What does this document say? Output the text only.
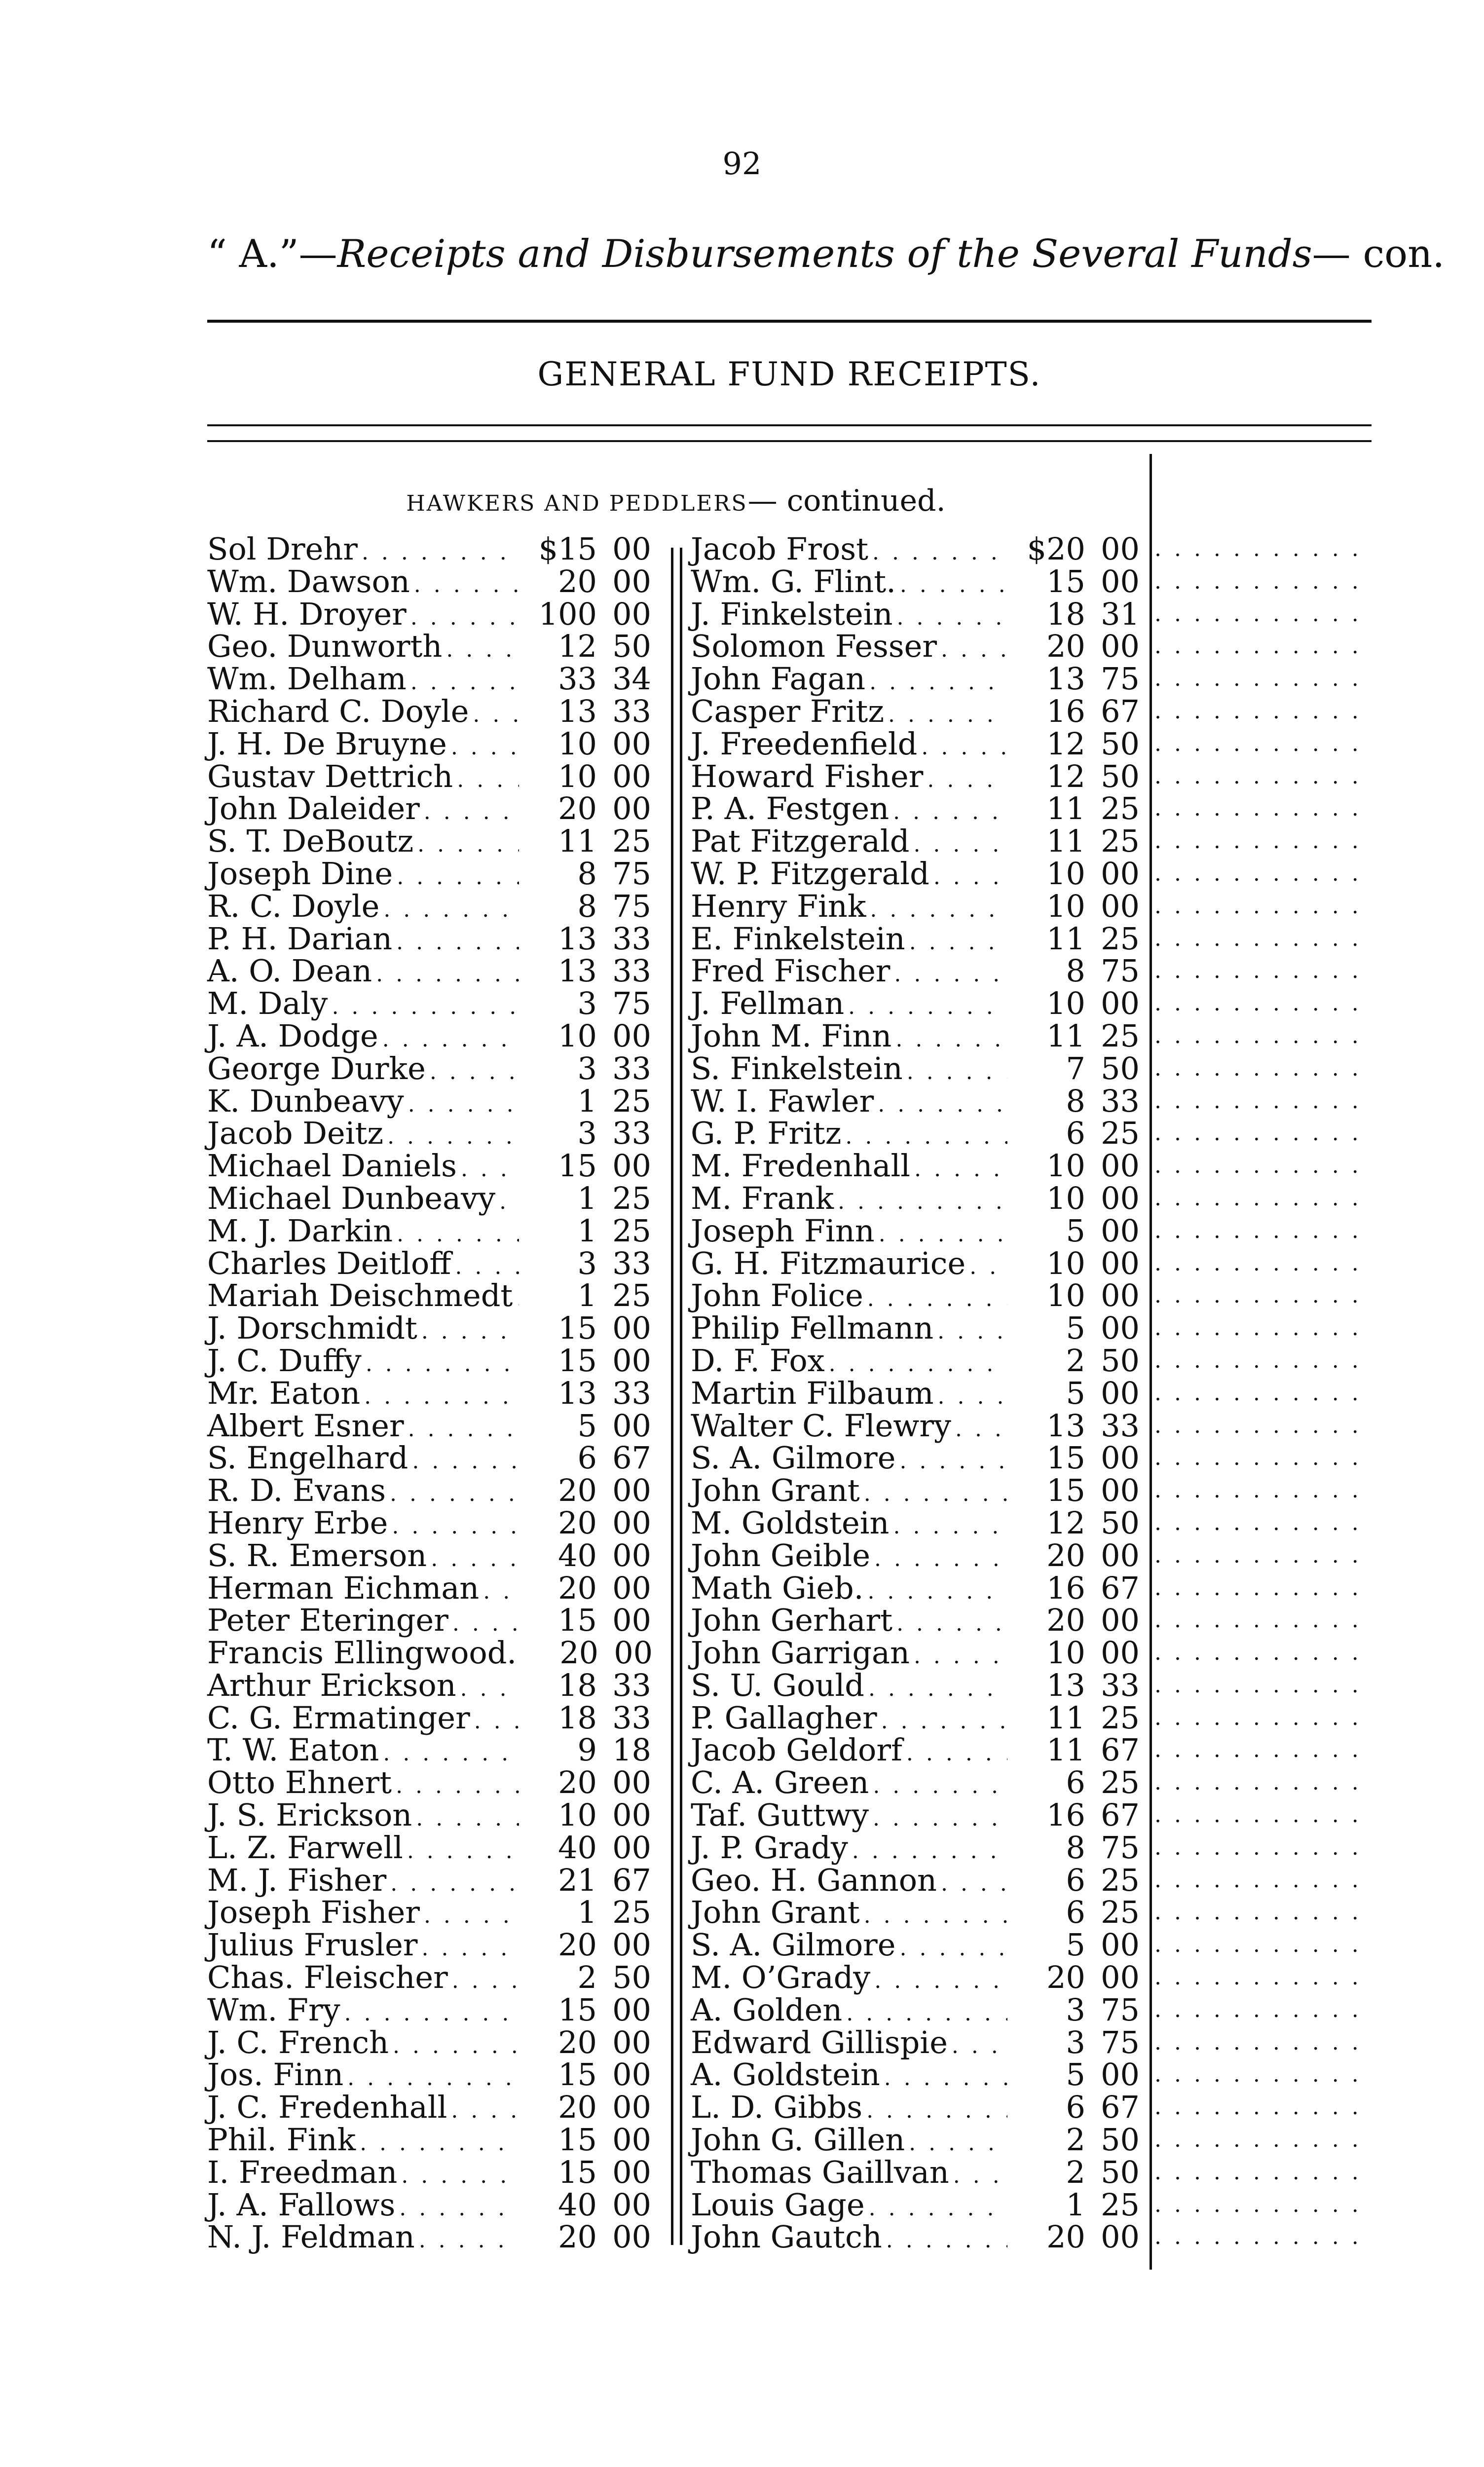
92
“ A.”—Receipts and Disbursements of the Several Funds— con.
GENERAL FUND RECEIPTS.
HAWKERS AND PEDDLERS— continued.
Sol Drehr . . .	$15 00
Wm. Dawson . . .	20 00
W. H. Droyer . . .	100 00
Geo. Dunworth . . .	12 50
Wm. Delham . . .	33 34
Richard C. Doyle . . .	13 33
J. H. De Bruyne . . .	10 00
Gustav Dettrich . . .	10 00
John Daleider . . .	20 00
S. T. DeBoutz . . .	11 25
Joseph Dine . . .	8 75
R. C. Doyle . . .	8 75
P. H. Darian . . .	13 33
A. O. Dean . . .	13 33
M. Daly . . .	3 75
J. A. Dodge . . .	10 00
George Durke . . .	3 33
K. Dunbeavy . . .	1 25
Jacob Deitz . . .	3 33
Michael Daniels . . .	15 00
Michael Dunbeavy . . .	1 25
M. J. Darkin . . .	1 25
Charles Deitloff . . .	3 33
Mariah Deischmedt . . .	1 25
J. Dorschmidt . . .	15 00
J. C. Duffy . . .	15 00
Mr. Eaton . . .	13 33
Albert Esner . . .	5 00
S. Engelhard . . .	6 67
R. D. Evans . . .	20 00
Henry Erbe . . .	20 00
S. R. Emerson . . .	40 00
Herman Eichman . . .	20 00
Peter Eteringer . . .	15 00
Francis Ellingwood.	20 00
Arthur Erickson . . .	18 33
C. G. Ermatinger . . .	18 33
T. W. Eaton . . .	9 18
Otto Ehnert . . .	20 00
J. S. Erickson . . .	10 00
L. Z. Farwell . . .	40 00
M. J. Fisher . . .	21 67
Joseph Fisher . . .	1 25
Julius Frusler . . .	20 00
Chas. Fleischer . . .	2 50
Wm. Fry . . .	15 00
J. C. French . . .	20 00
Jos. Finn . . .	15 00
J. C. Fredenhall . . .	20 00
Phil. Fink . . .	15 00
I. Freedman . . .	15 00
J. A. Fallows . . .	40 00
N. J. Feldman . . .	20 00
Jacob Frost . . .	$20 00
Wm. G. Flint. . . .	15 00
J. Finkelstein . . .	18 31
Solomon Fesser . . .	20 00
John Fagan . . .	13 75
Casper Fritz . . .	16 67
J. Freedenfield . . .	12 50
Howard Fisher . . .	12 50
P. A. Festgen . . .	11 25
Pat Fitzgerald . . .	11 25
W. P. Fitzgerald . . .	10 00
Henry Fink . . .	10 00
E. Finkelstein . . .	11 25
Fred Fischer . . .	8 75
J. Fellman . . .	10 00
John M. Finn . . .	11 25
S. Finkelstein . . .	7 50
W. I. Fawler . . .	8 33
G. P. Fritz . . .	6 25
M. Fredenhall . . .	10 00
M. Frank . . .	10 00
Joseph Finn . . .	5 00
G. H. Fitzmaurice . . .	10 00
John Folice . . .	10 00
Philip Fellmann . . .	5 00
D. F. Fox . . .	2 50
Martin Filbaum . . .	5 00
Walter C. Flewry . . .	13 33
S. A. Gilmore . . .	15 00
John Grant . . .	15 00
M. Goldstein . . .	12 50
John Geible . . .	20 00
Math Gieb. . . .	16 67
John Gerhart . . .	20 00
John Garrigan . . .	10 00
S. U. Gould . . .	13 33
P. Gallagher . . .	11 25
Jacob Geldorf . . .	11 67
C. A. Green . . .	6 25
Taf. Guttwy . . .	16 67
J. P. Grady . . .	8 75
Geo. H. Gannon . . .	6 25
John Grant . . .	6 25
S. A. Gilmore . . .	5 00
M. O’Grady . . .	20 00
A. Golden . . .	3 75
Edward Gillispie . . .	3 75
A. Goldstein . . .	5 00
L. D. Gibbs . . .	6 67
John G. Gillen . . .	2 50
Thomas Gaillvan . . .	2 50
Louis Gage . . .	1 25
John Gautch . . .	20 00
. . .
. . .
. . .
. . .
. . .
. . .
. . .
. . .
. . .
. . .
. . .
. . .
. . .
. . .
. . .
. . .
. . .
. . .
. . .
. . .
. . .
. . .
. . .
. . .
. . .
. . .
. . .
. . .
. . .
. . .
. . .
. . .
. . .
. . .
. . .
. . .
. . .
. . .
. . .
. . .
. . .
. . .
. . .
. . .
. . .
. . .
. . .
. . .
. . .
. . .
. . .
. . .
. . .
